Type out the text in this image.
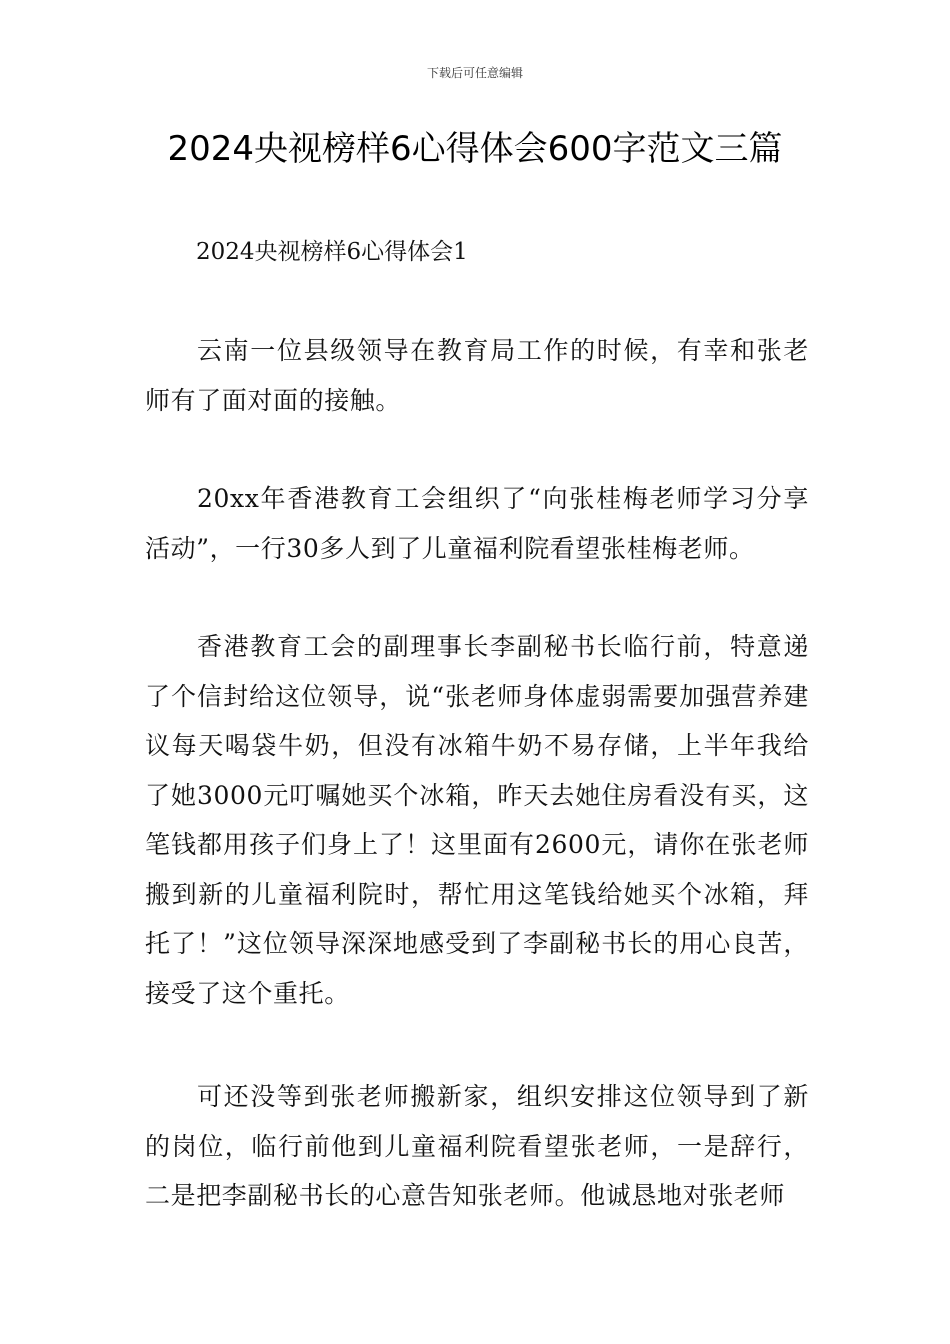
下载后可任意编辑
2024央视榜样6心得体会600字范文三篇
2024央视榜样6心得体会1

云南一位县级领导在教育局工作的时候，有幸和张老师有了面对面的接触。

20xx年香港教育工会组织了“向张桂梅老师学习分享活动”，一行30多人到了儿童福利院看望张桂梅老师。

香港教育工会的副理事长李副秘书长临行前，特意递了个信封给这位领导，说“张老师身体虚弱需要加强营养建议每天喝袋牛奶，但没有冰箱牛奶不易存储，上半年我给了她3000元叮嘱她买个冰箱，昨天去她住房看没有买，这笔钱都用孩子们身上了！这里面有2600元，请你在张老师搬到新的儿童福利院时，帮忙用这笔钱给她买个冰箱，拜托了！”这位领导深深地感受到了李副秘书长的用心良苦，接受了这个重托。

可还没等到张老师搬新家，组织安排这位领导到了新的岗位，临行前他到儿童福利院看望张老师，一是辞行，二是把李副秘书长的心意告知张老师。他诚恳地对张老师
